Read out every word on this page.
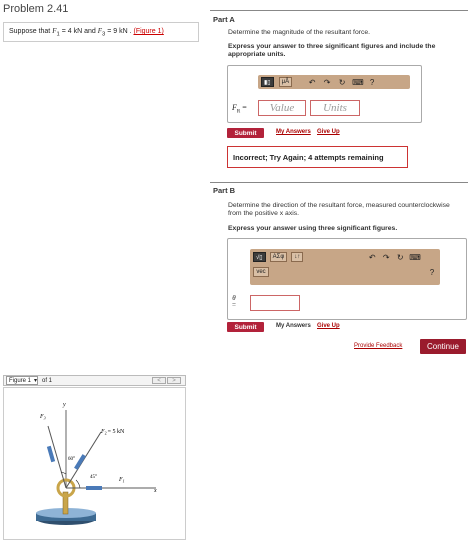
Problem 2.41
Suppose that $F_1 = 4$ kN and $F_3 = 9$ kN . (Figure 1)
Part A
Determine the magnitude of the resultant force.
Express your answer to three significant figures and include the appropriate units.
▮▯	μÅ	↶ ↷ ↻ ⌨ ?
$F_R$ =	Value	Units
Submit	My Answers Give Up
Incorrect; Try Again; 4 attempts remaining
Part B
Determine the direction of the resultant force, measured counterclockwise from the positive x axis.
Express your answer using three significant figures.
√▯	ΑΣφ	↓↑	↶ ↷ ↻ ⌨
vec	?
θ
=
Submit	My Answers Give Up
Provide Feedback	Continue
Figure 1 ▾ of 1	<	>
y
x
$F_3$
$F_2= 5$ kN
$F_1$
60°
45°
